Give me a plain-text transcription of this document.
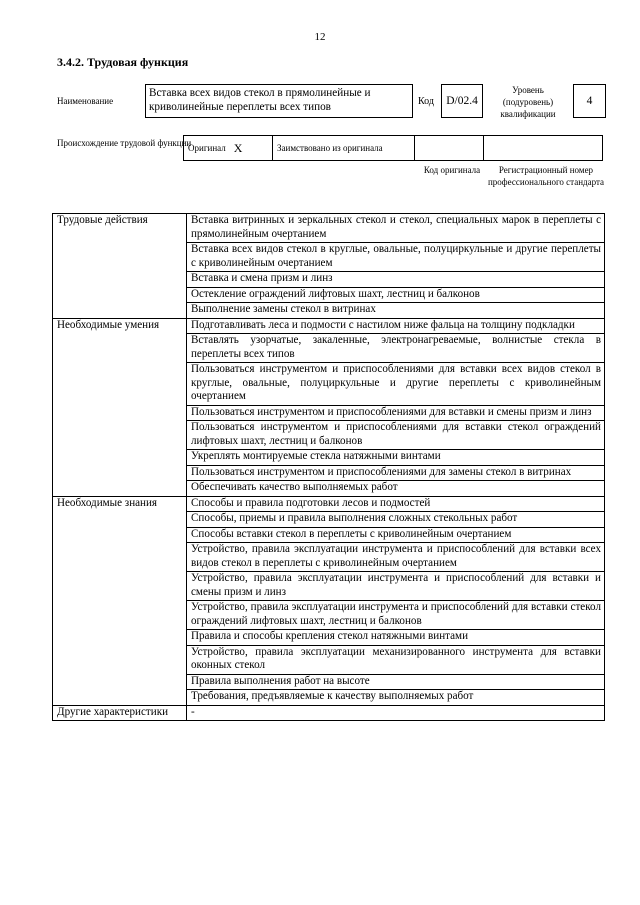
12
3.4.2. Трудовая функция
Наименование
Вставка всех видов стекол в прямолинейные и криволинейные переплеты всех типов	Код	D/02.4
Уровень (подуровень) квалификации
4
Происхождение трудовой функции
Оригинал X	Заимствовано из оригинала
Код оригинала	Регистрационный номер профессионального стандарта
Трудовые действия	Вставка витринных и зеркальных стекол и стекол, специальных марок в переплеты с прямолинейным очертанием
	Вставка всех видов стекол в круглые, овальные, полуциркульные и другие переплеты с криволинейным очертанием
	Вставка и смена призм и линз
	Остекление ограждений лифтовых шахт, лестниц и балконов
	Выполнение замены стекол в витринах
Необходимые умения	Подготавливать леса и подмости с настилом ниже фальца на толщину подкладки
	Вставлять узорчатые, закаленные, электронагреваемые, волнистые стекла в переплеты всех типов
	Пользоваться инструментом и приспособлениями для вставки всех видов стекол в круглые, овальные, полуциркульные и другие переплеты с криволинейным очертанием
	Пользоваться инструментом и приспособлениями для вставки и смены призм и линз
	Пользоваться инструментом и приспособлениями для вставки стекол ограждений лифтовых шахт, лестниц и балконов
	Укреплять монтируемые стекла натяжными винтами
	Пользоваться инструментом и приспособлениями для замены стекол в витринах
	Обеспечивать качество выполняемых работ
Необходимые знания	Способы и правила подготовки лесов и подмостей
	Способы, приемы и правила выполнения сложных стекольных работ
	Способы вставки стекол в переплеты с криволинейным очертанием
	Устройство, правила эксплуатации инструмента и приспособлений для вставки всех видов стекол в переплеты с криволинейным очертанием
	Устройство, правила эксплуатации инструмента и приспособлений для вставки и смены призм и линз
	Устройство, правила эксплуатации инструмента и приспособлений для вставки стекол ограждений лифтовых шахт, лестниц и балконов
	Правила и способы крепления стекол натяжными винтами
	Устройство, правила эксплуатации механизированного инструмента для вставки оконных стекол
	Правила выполнения работ на высоте
	Требования, предъявляемые к качеству выполняемых работ
Другие характеристики	-
